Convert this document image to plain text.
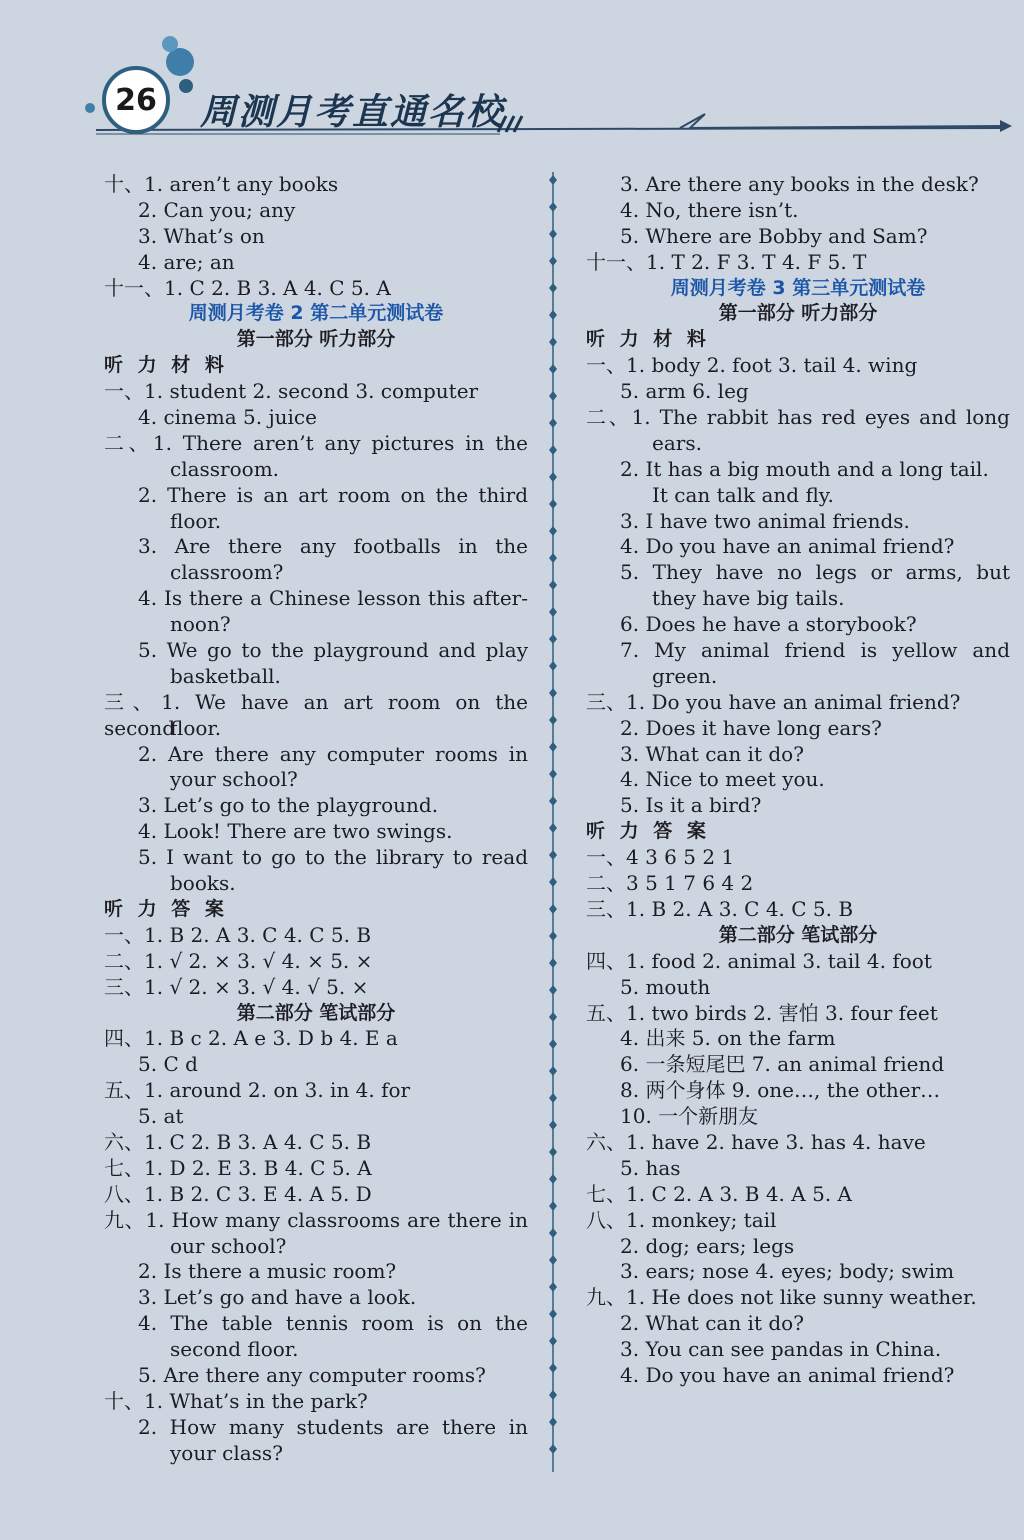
26	周测月考直通名校
十、1. aren’t any books
2. Can you; any
3. What’s on
4. are; an
十一、1. C 2. B 3. A 4. C 5. A
周测月考卷 2 第二单元测试卷
第一部分 听力部分
听 力 材 料
一、1. student 2. second 3. computer
4. cinema 5. juice
二、1. There aren’t any pictures in the
classroom.
2. There is an art room on the third
floor.
3. Are there any footballs in the
classroom?
4. Is there a Chinese lesson this after-
noon?
5. We go to the playground and play
basketball.
三、1. We have an art room on the second
floor.
2. Are there any computer rooms in
your school?
3. Let’s go to the playground.
4. Look! There are two swings.
5. I want to go to the library to read
books.
听 力 答 案
一、1. B 2. A 3. C 4. C 5. B
二、1. √ 2. × 3. √ 4. × 5. ×
三、1. √ 2. × 3. √ 4. √ 5. ×
第二部分 笔试部分
四、1. B c 2. A e 3. D b 4. E a
5. C d
五、1. around 2. on 3. in 4. for
5. at
六、1. C 2. B 3. A 4. C 5. B
七、1. D 2. E 3. B 4. C 5. A
八、1. B 2. C 3. E 4. A 5. D
九、1. How many classrooms are there in
our school?
2. Is there a music room?
3. Let’s go and have a look.
4. The table tennis room is on the
second floor.
5. Are there any computer rooms?
十、1. What’s in the park?
2. How many students are there in
your class?
3. Are there any books in the desk?
4. No, there isn’t.
5. Where are Bobby and Sam?
十一、1. T 2. F 3. T 4. F 5. T
周测月考卷 3 第三单元测试卷
第一部分 听力部分
听 力 材 料
一、1. body 2. foot 3. tail 4. wing
5. arm 6. leg
二、1. The rabbit has red eyes and long
ears.
2. It has a big mouth and a long tail.
It can talk and fly.
3. I have two animal friends.
4. Do you have an animal friend?
5. They have no legs or arms, but
they have big tails.
6. Does he have a storybook?
7. My animal friend is yellow and
green.
三、1. Do you have an animal friend?
2. Does it have long ears?
3. What can it do?
4. Nice to meet you.
5. Is it a bird?
听 力 答 案
一、4 3 6 5 2 1
二、3 5 1 7 6 4 2
三、1. B 2. A 3. C 4. C 5. B
第二部分 笔试部分
四、1. food 2. animal 3. tail 4. foot
5. mouth
五、1. two birds 2. 害怕 3. four feet
4. 出来 5. on the farm
6. 一条短尾巴 7. an animal friend
8. 两个身体 9. one…, the other…
10. 一个新朋友
六、1. have 2. have 3. has 4. have
5. has
七、1. C 2. A 3. B 4. A 5. A
八、1. monkey; tail
2. dog; ears; legs
3. ears; nose 4. eyes; body; swim
九、1. He does not like sunny weather.
2. What can it do?
3. You can see pandas in China.
4. Do you have an animal friend?
